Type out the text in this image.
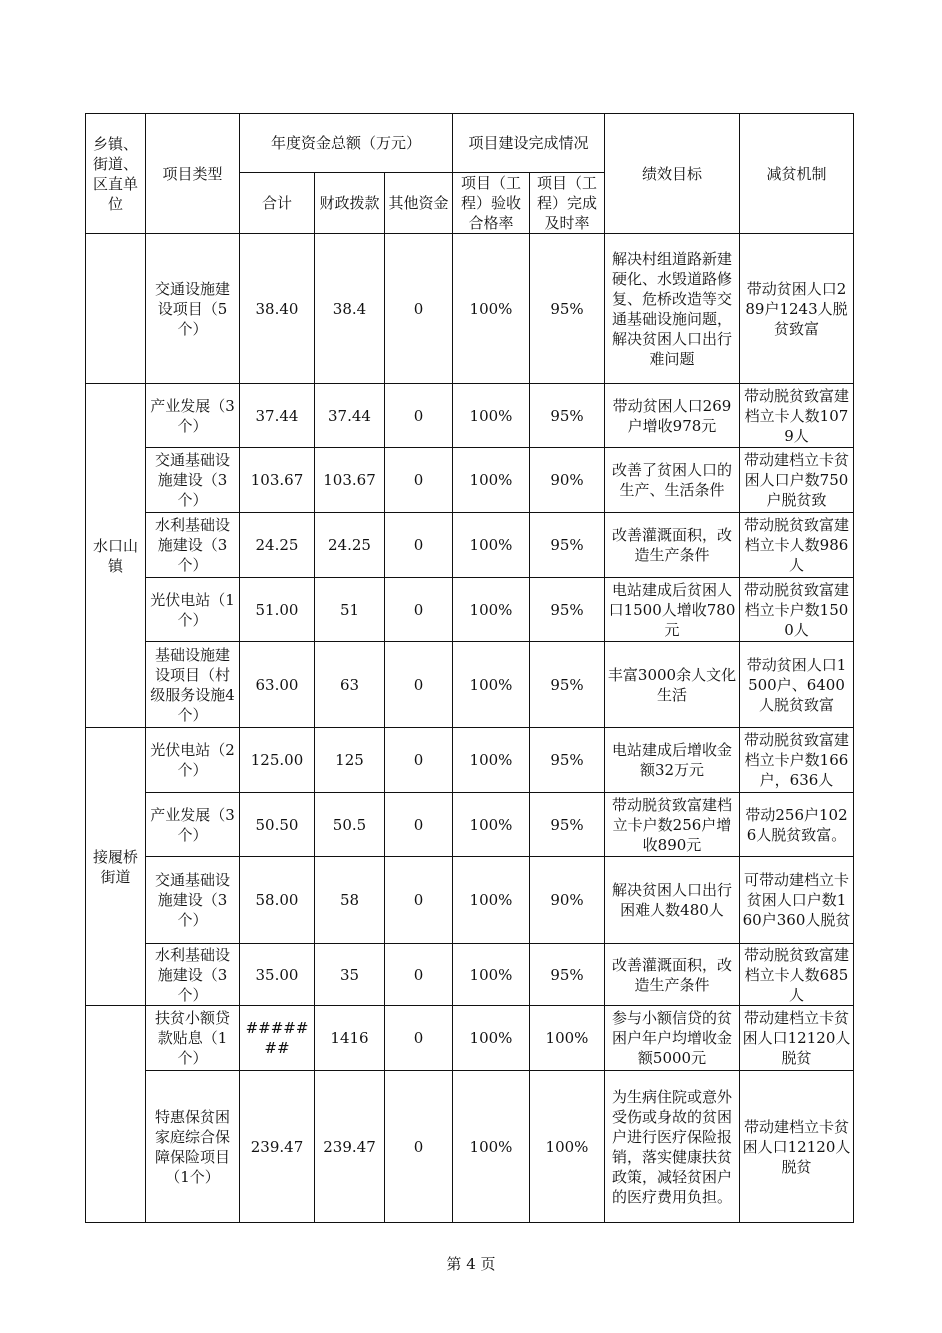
乡镇、街道、区直单位	项目类型	年度资金总额（万元）			项目建设完成情况		绩效目标	减贫机制
		合计	财政拨款	其他资金	项目（工程）验收合格率	项目（工程）完成及时率		
	交通设施建设项目（5个）	38.40	38.4	0	100%	95%	解决村组道路新建硬化、水毁道路修复、危桥改造等交通基础设施问题，解决贫困人口出行难问题	带动贫困人口289户1243人脱贫致富
水口山镇	产业发展（3个）	37.44	37.44	0	100%	95%	带动贫困人口269户增收978元	带动脱贫致富建档立卡人数1079人
	交通基础设施建设（3个）	103.67	103.67	0	100%	90%	改善了贫困人口的生产、生活条件	带动建档立卡贫困人口户数750户脱贫致
	水利基础设施建设（3个）	24.25	24.25	0	100%	95%	改善灌溉面积，改造生产条件	带动脱贫致富建档立卡人数986人
	光伏电站（1个）	51.00	51	0	100%	95%	电站建成后贫困人口1500人增收780元	带动脱贫致富建档立卡户数1500人
	基础设施建设项目（村级服务设施4个）	63.00	63	0	100%	95%	丰富3000余人文化生活	带动贫困人口1500户、6400人脱贫致富
接履桥街道	光伏电站（2个）	125.00	125	0	100%	95%	电站建成后增收金额32万元	带动脱贫致富建档立卡户数166户，636人
	产业发展（3个）	50.50	50.5	0	100%	95%	带动脱贫致富建档立卡户数256户增收890元	带动256户1026人脱贫致富。
	交通基础设施建设（3个）	58.00	58	0	100%	90%	解决贫困人口出行困难人数480人	可带动建档立卡贫困人口户数160户360人脱贫
	水利基础设施建设（3个）	35.00	35	0	100%	95%	改善灌溉面积，改造生产条件	带动脱贫致富建档立卡人数685人
	扶贫小额贷款贴息（1个）	#######	1416	0	100%	100%	参与小额信贷的贫困户年户均增收金额5000元	带动建档立卡贫困人口12120人脱贫
	特惠保贫困家庭综合保障保险项目（1个）	239.47	239.47	0	100%	100%	为生病住院或意外受伤或身故的贫困户进行医疗保险报销，落实健康扶贫政策，减轻贫困户的医疗费用负担。	带动建档立卡贫困人口12120人脱贫
第 4 页
